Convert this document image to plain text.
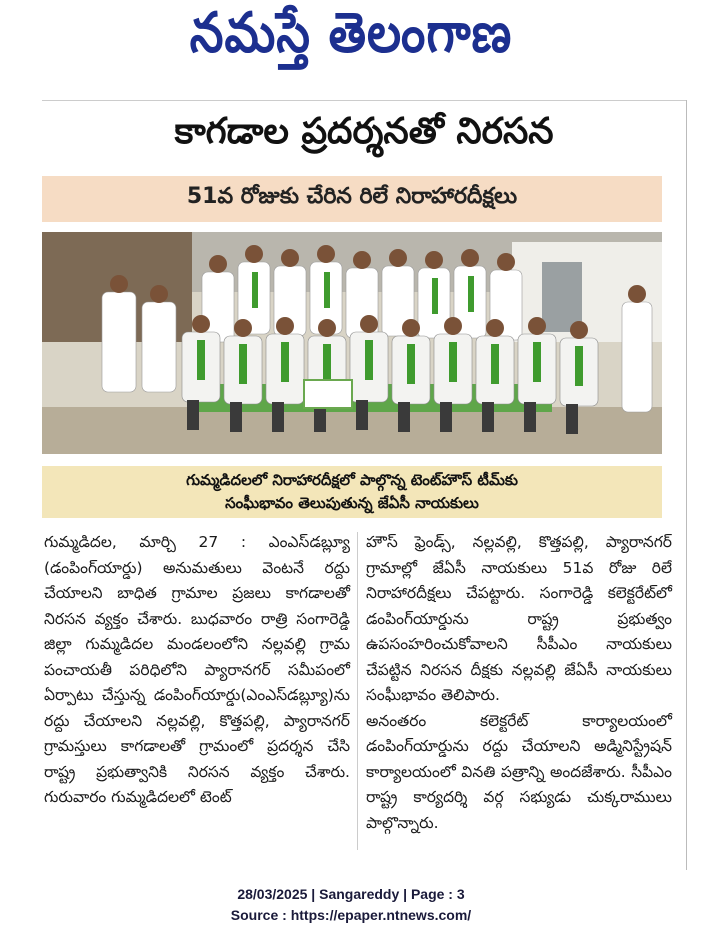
నమస్తే తెలంగాణ
కాగడాల ప్రదర్శనతో నిరసన
51వ రోజుకు చేరిన రిలే నిరాహారదీక్షలు
గుమ్మడిదలలో నిరాహారదీక్షలో పాల్గొన్న టెంట్‌హౌస్ టీమ్‌కు
సంఘీభావం తెలుపుతున్న జేఏసీ నాయకులు

గుమ్మడిదల, మార్చి 27 : ఎంఎస్‌డబ్ల్యూ (డంపింగ్‌యార్డు) అనుమతులు వెంటనే రద్దు చేయాలని బాధిత గ్రామాల ప్రజలు కాగడాలతో నిరసన వ్యక్తం చేశారు. బుధవారం రాత్రి సంగారెడ్డి జిల్లా గుమ్మడిదల మండలంలోని నల్లవల్లి గ్రామ పంచాయతీ పరిధిలోని ప్యారానగర్ సమీపంలో ఏర్పాటు చేస్తున్న డంపింగ్‌యార్డు(ఎంఎస్‌డబ్ల్యూ)ను రద్దు చేయాలని నల్లవల్లి, కొత్తపల్లి, ప్యారానగర్ గ్రామస్తులు కాగడాలతో గ్రామంలో ప్రదర్శన చేసి రాష్ట్ర ప్రభుత్వానికి నిరసన వ్యక్తం చేశారు. గురువారం గుమ్మడిదలలో టెంట్

హౌస్ ఫ్రెండ్స్, నల్లవల్లి, కొత్తపల్లి, ప్యారానగర్ గ్రామాల్లో జేఏసీ నాయకులు 51వ రోజు రిలే నిరాహారదీక్షలు చేపట్టారు. సంగారెడ్డి కలెక్టరేట్‌లో డంపింగ్‌యార్డును రాష్ట్ర ప్రభుత్వం ఉపసంహరించుకోవాలని సీపీఎం నాయకులు చేపట్టిన నిరసన దీక్షకు నల్లవల్లి జేఏసీ నాయకులు సంఘీభావం తెలిపారు.

అనంతరం కలెక్టరేట్ కార్యాలయంలో డంపింగ్‌యార్డును రద్దు చేయాలని అడ్మినిస్ట్రేషన్ కార్యాలయంలో వినతి పత్రాన్ని అందజేశారు. సీపీఎం రాష్ట్ర కార్యదర్శి వర్గ సభ్యుడు చుక్కరాములు పాల్గొన్నారు.

28/03/2025 | Sangareddy | Page : 3
Source : https://epaper.ntnews.com/
